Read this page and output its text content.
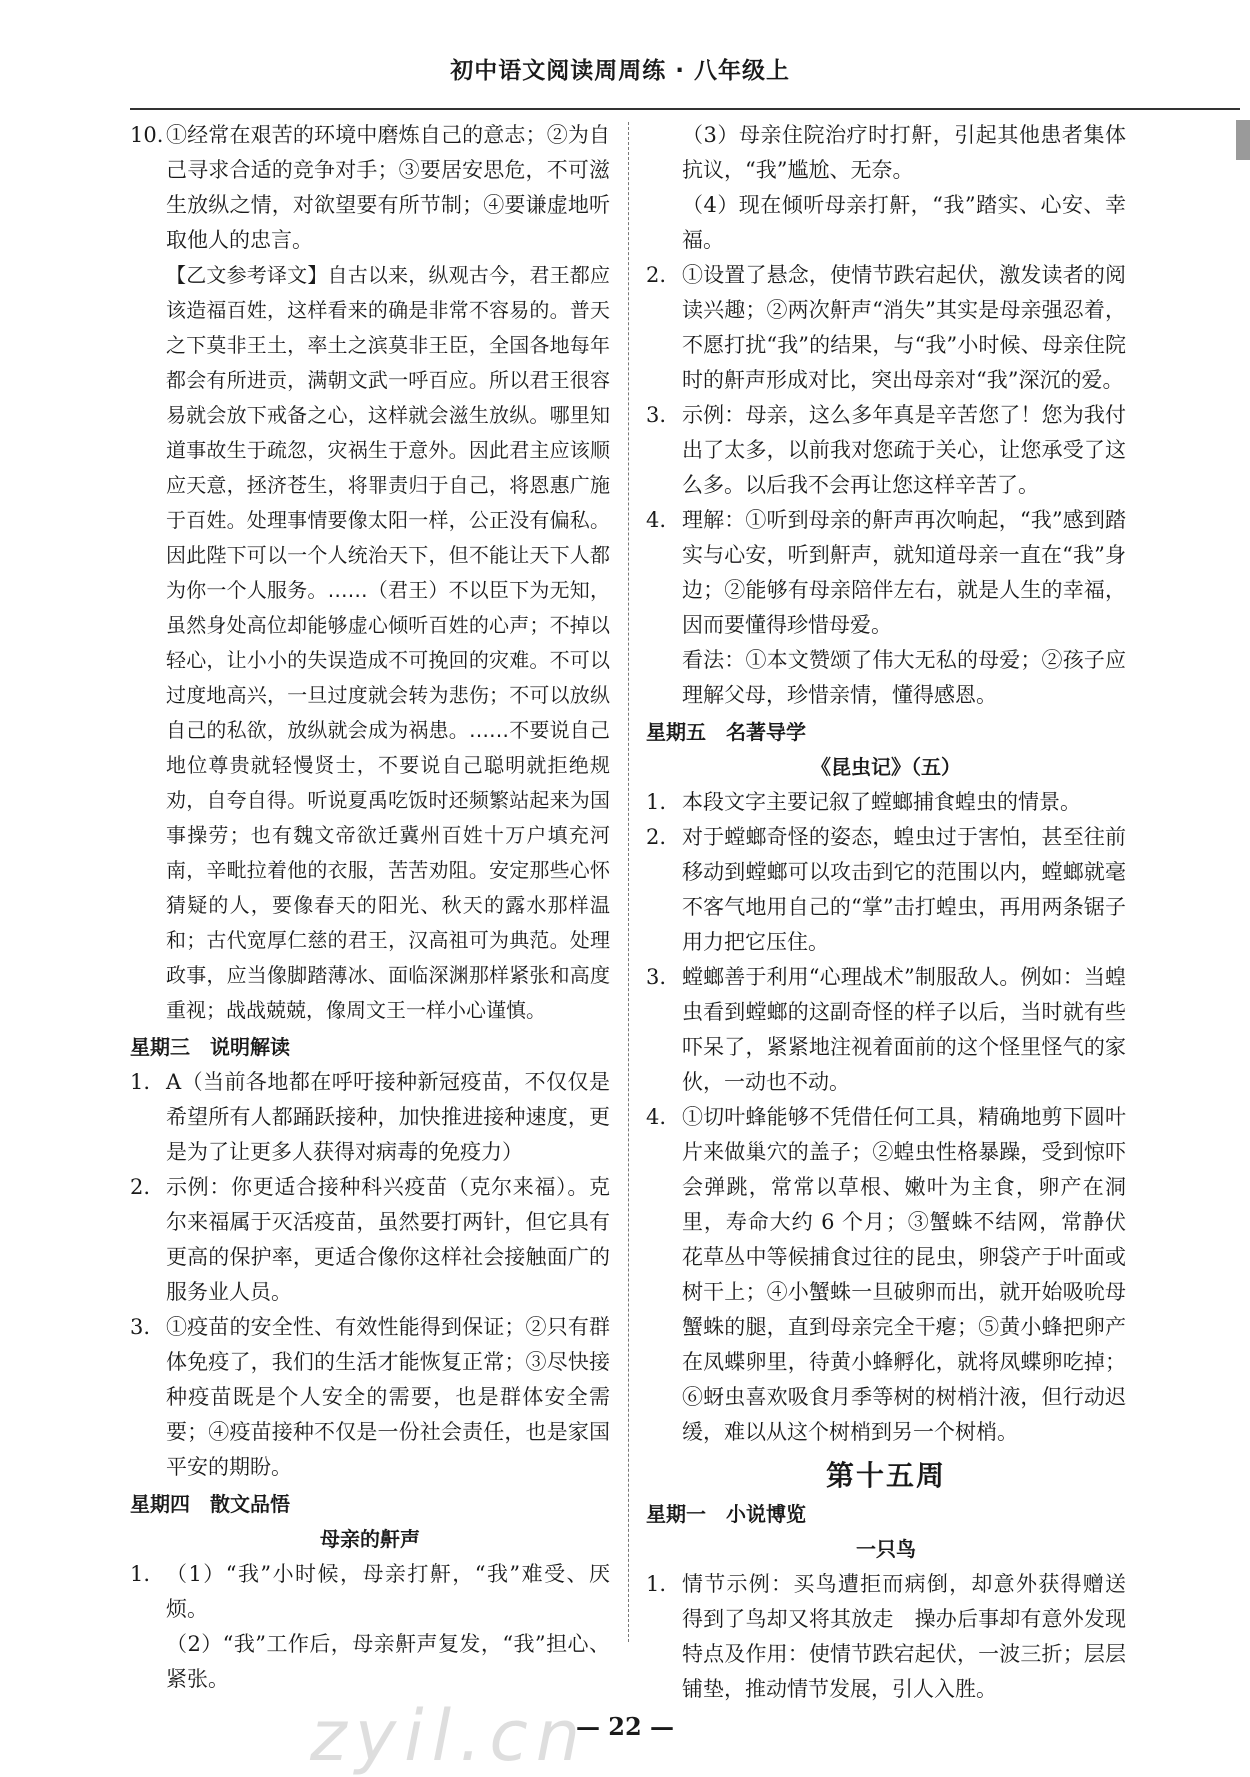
初中语文阅读周周练 · 八年级上
10. ①经常在艰苦的环境中磨炼自己的意志；②为自己寻求合适的竞争对手；③要居安思危，不可滋生放纵之情，对欲望要有所节制；④要谦虚地听取他人的忠言。
【乙文参考译文】自古以来，纵观古今，君王都应该造福百姓，这样看来的确是非常不容易的。普天之下莫非王土，率土之滨莫非王臣，全国各地每年都会有所进贡，满朝文武一呼百应。所以君王很容易就会放下戒备之心，这样就会滋生放纵。哪里知道事故生于疏忽，灾祸生于意外。因此君主应该顺应天意，拯济苍生，将罪责归于自己，将恩惠广施于百姓。处理事情要像太阳一样，公正没有偏私。因此陛下可以一个人统治天下，但不能让天下人都为你一个人服务。……（君王）不以臣下为无知，虽然身处高位却能够虚心倾听百姓的心声；不掉以轻心，让小小的失误造成不可挽回的灾难。不可以过度地高兴，一旦过度就会转为悲伤；不可以放纵自己的私欲，放纵就会成为祸患。……不要说自己地位尊贵就轻慢贤士，不要说自己聪明就拒绝规劝，自夸自得。听说夏禹吃饭时还频繁站起来为国事操劳；也有魏文帝欲迁冀州百姓十万户填充河南，辛毗拉着他的衣服，苦苦劝阻。安定那些心怀猜疑的人，要像春天的阳光、秋天的露水那样温和；古代宽厚仁慈的君王，汉高祖可为典范。处理政事，应当像脚踏薄冰、面临深渊那样紧张和高度重视；战战兢兢，像周文王一样小心谨慎。
星期三　说明解读
1. A（当前各地都在呼吁接种新冠疫苗，不仅仅是希望所有人都踊跃接种，加快推进接种速度，更是为了让更多人获得对病毒的免疫力）
2. 示例：你更适合接种科兴疫苗（克尔来福）。克尔来福属于灭活疫苗，虽然要打两针，但它具有更高的保护率，更适合像你这样社会接触面广的服务业人员。
3. ①疫苗的安全性、有效性能得到保证；②只有群体免疫了，我们的生活才能恢复正常；③尽快接种疫苗既是个人安全的需要，也是群体安全需要；④疫苗接种不仅是一份社会责任，也是家国平安的期盼。
星期四　散文品悟
母亲的鼾声
1. （1）“我”小时候，母亲打鼾，“我”难受、厌烦。
（2）“我”工作后，母亲鼾声复发，“我”担心、紧张。
（3）母亲住院治疗时打鼾，引起其他患者集体抗议，“我”尴尬、无奈。
（4）现在倾听母亲打鼾，“我”踏实、心安、幸福。
2. ①设置了悬念，使情节跌宕起伏，激发读者的阅读兴趣；②两次鼾声“消失”其实是母亲强忍着，不愿打扰“我”的结果，与“我”小时候、母亲住院时的鼾声形成对比，突出母亲对“我”深沉的爱。
3. 示例：母亲，这么多年真是辛苦您了！您为我付出了太多，以前我对您疏于关心，让您承受了这么多。以后我不会再让您这样辛苦了。
4. 理解：①听到母亲的鼾声再次响起，“我”感到踏实与心安，听到鼾声，就知道母亲一直在“我”身边；②能够有母亲陪伴左右，就是人生的幸福，因而要懂得珍惜母爱。
看法：①本文赞颂了伟大无私的母爱；②孩子应理解父母，珍惜亲情，懂得感恩。
星期五　名著导学
《昆虫记》（五）
1. 本段文字主要记叙了螳螂捕食蝗虫的情景。
2. 对于螳螂奇怪的姿态，蝗虫过于害怕，甚至往前移动到螳螂可以攻击到它的范围以内，螳螂就毫不客气地用自己的“掌”击打蝗虫，再用两条锯子用力把它压住。
3. 螳螂善于利用“心理战术”制服敌人。例如：当蝗虫看到螳螂的这副奇怪的样子以后，当时就有些吓呆了，紧紧地注视着面前的这个怪里怪气的家伙，一动也不动。
4. ①切叶蜂能够不凭借任何工具，精确地剪下圆叶片来做巢穴的盖子；②蝗虫性格暴躁，受到惊吓会弹跳，常常以草根、嫩叶为主食，卵产在洞里，寿命大约 6 个月；③蟹蛛不结网，常静伏花草丛中等候捕食过往的昆虫，卵袋产于叶面或树干上；④小蟹蛛一旦破卵而出，就开始吸吮母蟹蛛的腿，直到母亲完全干瘪；⑤黄小蜂把卵产在凤蝶卵里，待黄小蜂孵化，就将凤蝶卵吃掉；⑥蚜虫喜欢吸食月季等树的树梢汁液，但行动迟缓，难以从这个树梢到另一个树梢。
第十五周
星期一　小说博览
一只鸟
1. 情节示例：买鸟遭拒而病倒，却意外获得赠送　得到了鸟却又将其放走　操办后事却有意外发现特点及作用：使情节跌宕起伏，一波三折；层层铺垫，推动情节发展，引人入胜。
zyil.cn
— 22 —
